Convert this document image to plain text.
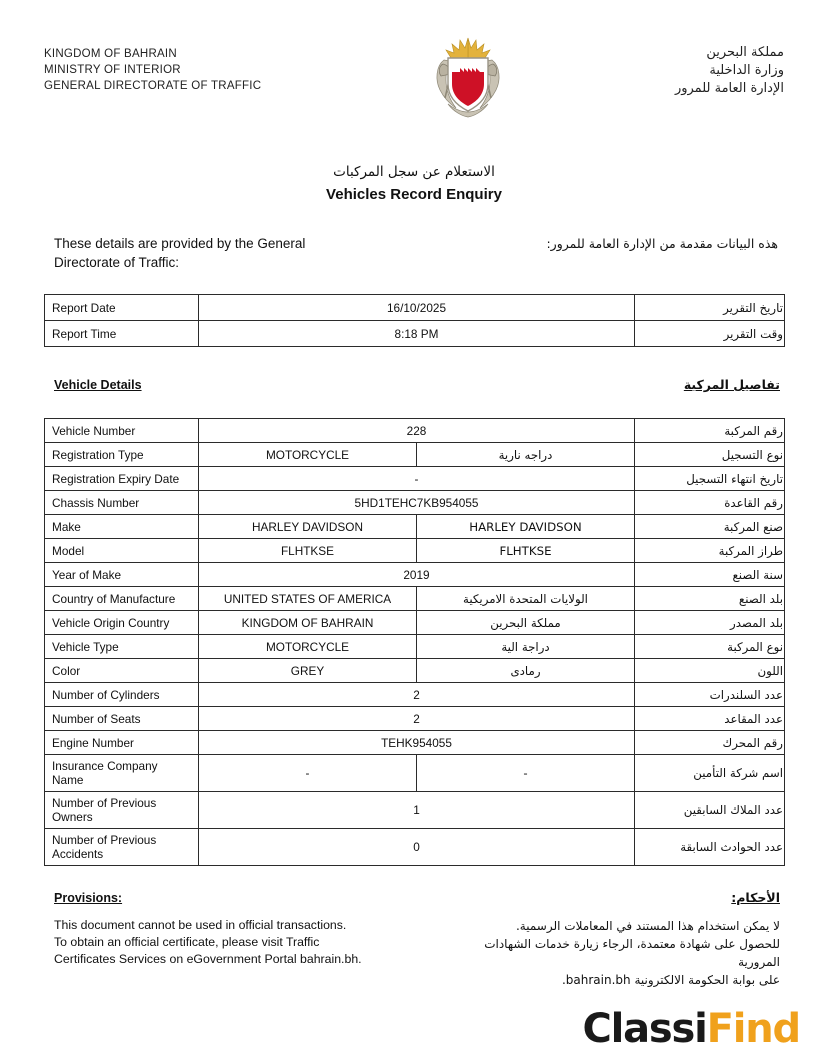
KINGDOM OF BAHRAIN
MINISTRY OF INTERIOR
GENERAL DIRECTORATE OF TRAFFIC
مملكة البحرين
وزارة الداخلية
الإدارة العامة للمرور
الاستعلام عن سجل المركبات
Vehicles Record Enquiry
These details are provided by the General
Directorate of Traffic:
هذه البيانات مقدمة من الإدارة العامة للمرور:
Report Date	16/10/2025	تاريخ التقرير
Report Time	8:18 PM	وقت التقرير
Vehicle Details	تفاصيل المركبة
Vehicle Number	228		رقم المركبة
Registration Type	MOTORCYCLE	دراجه نارية	نوع التسجيل
Registration Expiry Date	-		تاريخ انتهاء التسجيل
Chassis Number	5HD1TEHC7KB954055		رقم القاعدة
Make	HARLEY DAVIDSON	HARLEY DAVIDSON	صنع المركبة
Model	FLHTKSE	FLHTKSE	طراز المركبة
Year of Make	2019		سنة الصنع
Country of Manufacture	UNITED STATES OF AMERICA	الولايات المتحدة الامريكية	بلد الصنع
Vehicle Origin Country	KINGDOM OF BAHRAIN	مملكة البحرين	بلد المصدر
Vehicle Type	MOTORCYCLE	دراجة الية	نوع المركبة
Color	GREY	رمادى	اللون
Number of Cylinders	2		عدد السلندرات
Number of Seats	2		عدد المقاعد
Engine Number	TEHK954055		رقم المحرك
Insurance Company Name	-	-	اسم شركة التأمين
Number of Previous Owners	1		عدد الملاك السابقين
Number of Previous Accidents	0		عدد الحوادث السابقة
Provisions:	الأحكام:
This document cannot be used in official transactions.
To obtain an official certificate, please visit Traffic
Certificates Services on eGovernment Portal bahrain.bh.
لا يمكن استخدام هذا المستند في المعاملات الرسمية.
للحصول على شهادة معتمدة، الرجاء زيارة خدمات الشهادات المرورية
على بوابة الحكومة الالكترونية bahrain.bh.
ClassiFind
